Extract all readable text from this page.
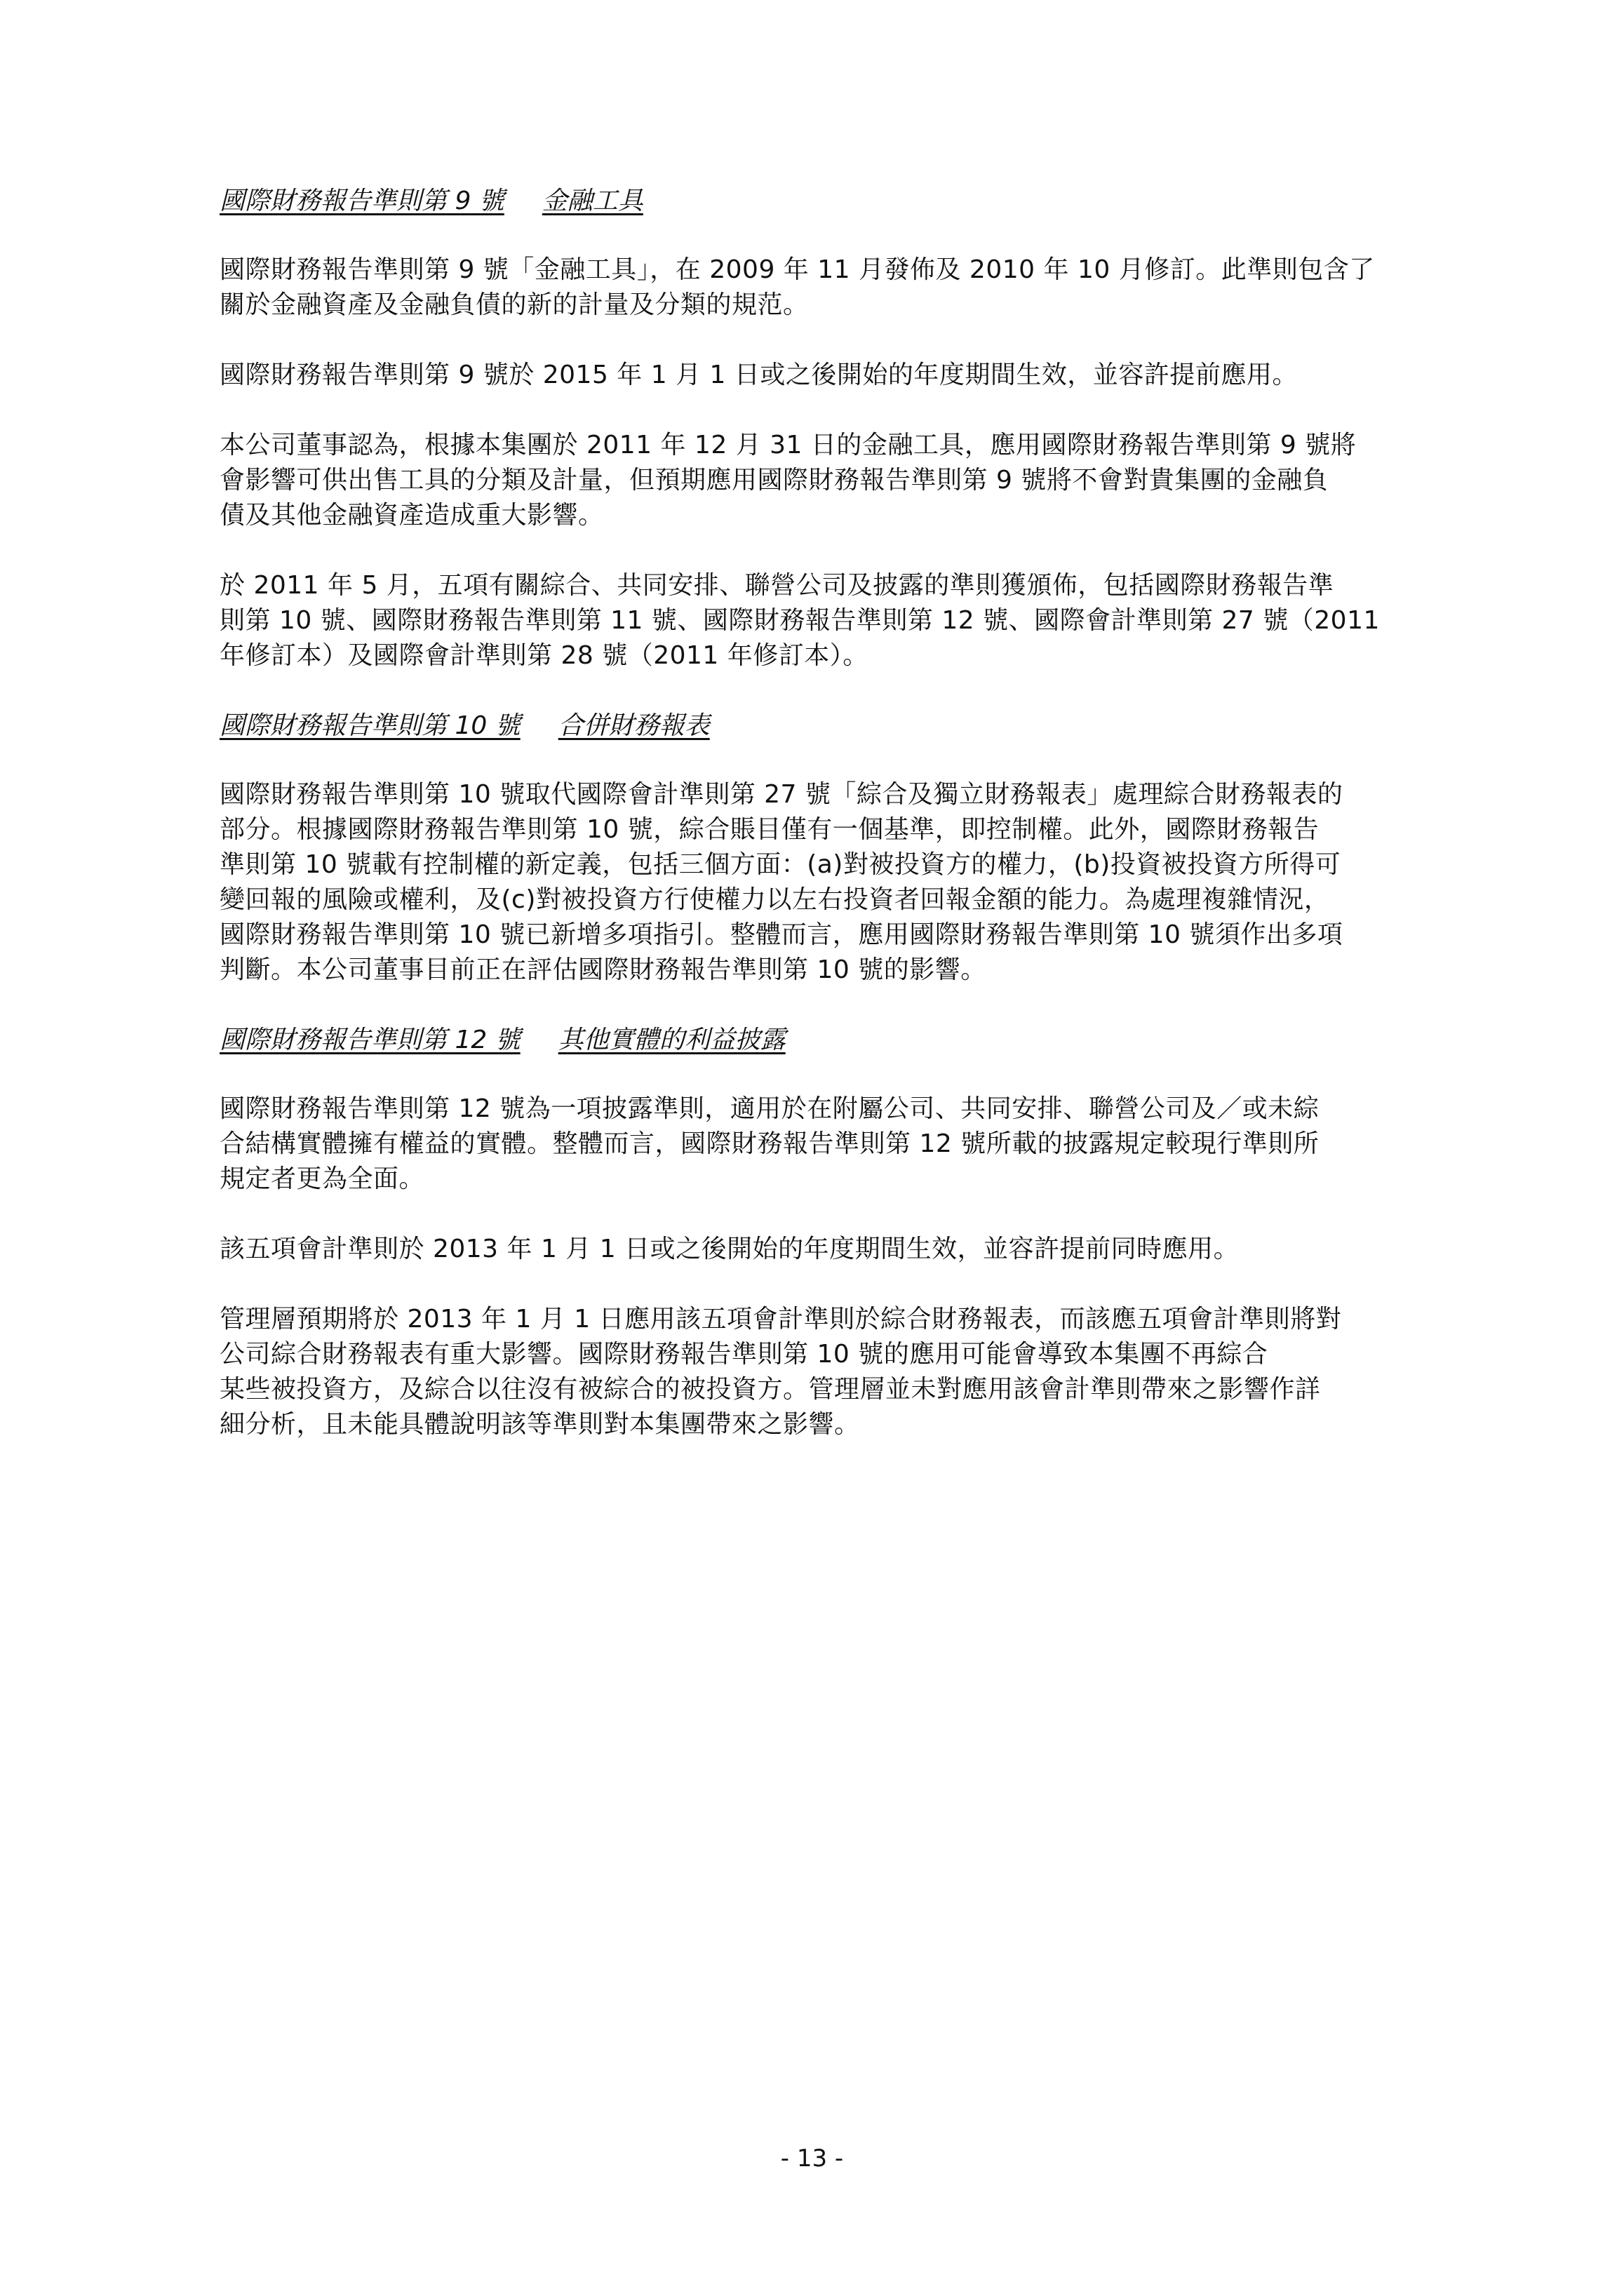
國際財務報告準則第 9 號 金融工具

國際財務報告準則第 9 號「金融工具」，在 2009 年 11 月發佈及 2010 年 10 月修訂。此準則包含了
關於金融資產及金融負債的新的計量及分類的規范。

國際財務報告準則第 9 號於 2015 年 1 月 1 日或之後開始的年度期間生效，並容許提前應用。

本公司董事認為，根據本集團於 2011 年 12 月 31 日的金融工具，應用國際財務報告準則第 9 號將
會影響可供出售工具的分類及計量，但預期應用國際財務報告準則第 9 號將不會對貴集團的金融負
債及其他金融資產造成重大影響。

於 2011 年 5 月，五項有關綜合、共同安排、聯營公司及披露的準則獲頒佈，包括國際財務報告準
則第 10 號、國際財務報告準則第 11 號、國際財務報告準則第 12 號、國際會計準則第 27 號（2011
年修訂本）及國際會計準則第 28 號（2011 年修訂本）。

國際財務報告準則第 10 號 合併財務報表

國際財務報告準則第 10 號取代國際會計準則第 27 號「綜合及獨立財務報表」處理綜合財務報表的
部分。根據國際財務報告準則第 10 號，綜合賬目僅有一個基準，即控制權。此外，國際財務報告
準則第 10 號載有控制權的新定義，包括三個方面：(a)對被投資方的權力，(b)投資被投資方所得可
變回報的風險或權利，及(c)對被投資方行使權力以左右投資者回報金額的能力。為處理複雜情況，
國際財務報告準則第 10 號已新增多項指引。整體而言，應用國際財務報告準則第 10 號須作出多項
判斷。本公司董事目前正在評估國際財務報告準則第 10 號的影響。

國際財務報告準則第 12 號 其他實體的利益披露

國際財務報告準則第 12 號為一項披露準則，適用於在附屬公司、共同安排、聯營公司及／或未綜
合結構實體擁有權益的實體。整體而言，國際財務報告準則第 12 號所載的披露規定較現行準則所
規定者更為全面。

該五項會計準則於 2013 年 1 月 1 日或之後開始的年度期間生效，並容許提前同時應用。

管理層預期將於 2013 年 1 月 1 日應用該五項會計準則於綜合財務報表，而該應五項會計準則將對
公司綜合財務報表有重大影響。國際財務報告準則第 10 號的應用可能會導致本集團不再綜合
某些被投資方，及綜合以往沒有被綜合的被投資方。管理層並未對應用該會計準則帶來之影響作詳
細分析，且未能具體說明該等準則對本集團帶來之影響。

- 13 -
